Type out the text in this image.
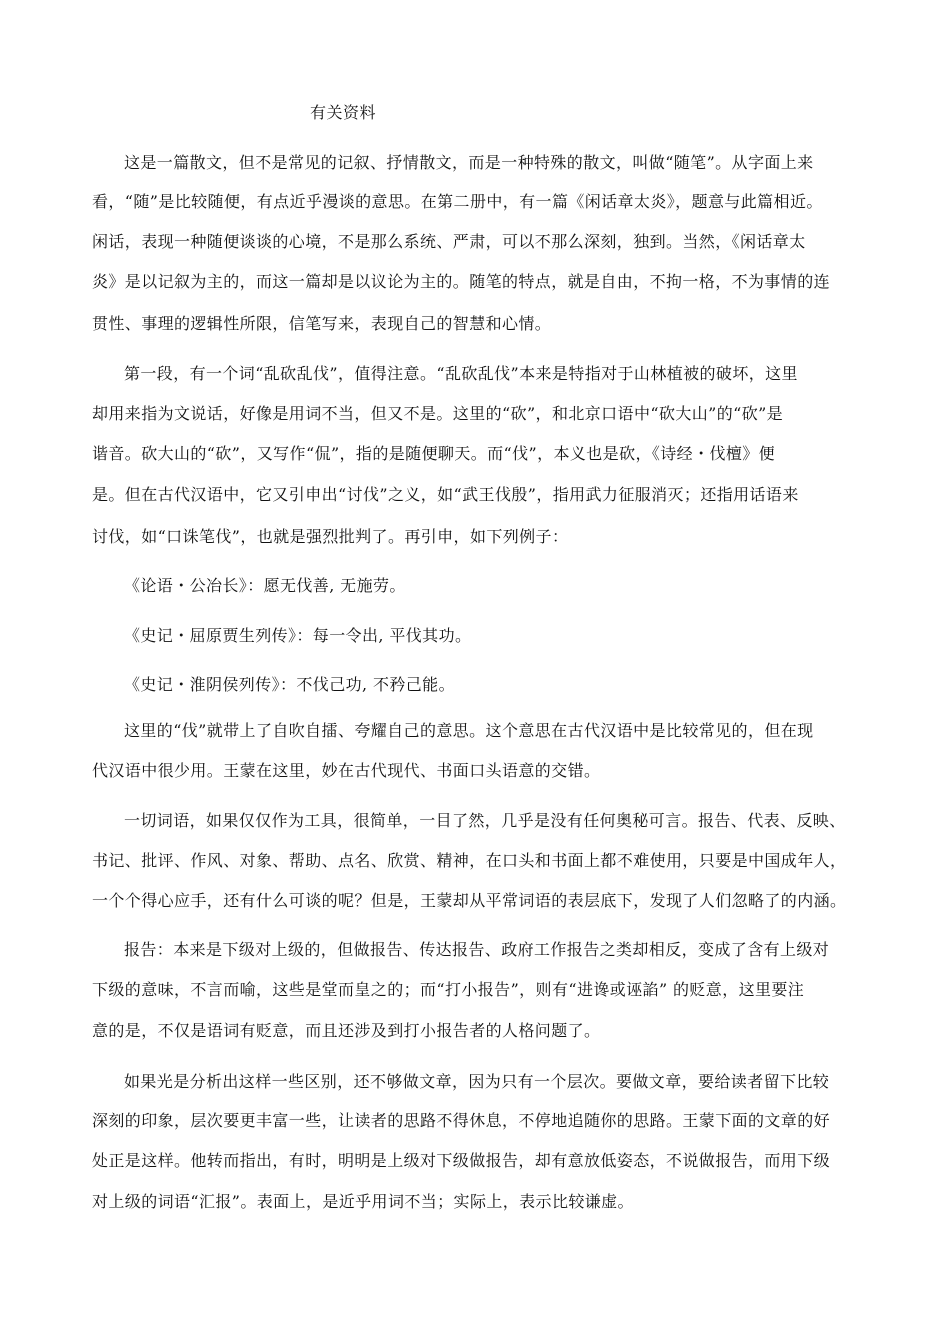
有关资料
这是一篇散文，但不是常见的记叙、抒情散文，而是一种特殊的散文，叫做“随笔”。从字面上来
看，“随”是比较随便，有点近乎漫谈的意思。在第二册中，有一篇《闲话章太炎》，题意与此篇相近。
闲话，表现一种随便谈谈的心境，不是那么系统、严肃，可以不那么深刻，独到。当然，《闲话章太
炎》是以记叙为主的，而这一篇却是以议论为主的。随笔的特点，就是自由，不拘一格，不为事情的连
贯性、事理的逻辑性所限，信笔写来，表现自己的智慧和心情。
第一段，有一个词“乱砍乱伐”，值得注意。“乱砍乱伐”本来是特指对于山林植被的破坏，这里
却用来指为文说话，好像是用词不当，但又不是。这里的“砍”，和北京口语中“砍大山”的“砍”是
谐音。砍大山的“砍”，又写作“侃”，指的是随便聊天。而“伐”，本义也是砍，《诗经・伐檀》便
是。但在古代汉语中，它又引申出“讨伐”之义，如“武王伐殷”，指用武力征服消灭；还指用话语来
讨伐，如“口诛笔伐”，也就是强烈批判了。再引申，如下列例子：
《论语・公冶长》：愿无伐善, 无施劳。
《史记・屈原贾生列传》：每一令出, 平伐其功。
《史记・淮阴侯列传》：不伐己功, 不矜己能。
这里的“伐”就带上了自吹自擂、夸耀自己的意思。这个意思在古代汉语中是比较常见的，但在现
代汉语中很少用。王蒙在这里，妙在古代现代、书面口头语意的交错。
一切词语，如果仅仅作为工具，很简单，一目了然，几乎是没有任何奥秘可言。报告、代表、反映、
书记、批评、作风、对象、帮助、点名、欣赏、精神，在口头和书面上都不难使用，只要是中国成年人，
一个个得心应手，还有什么可谈的呢？但是，王蒙却从平常词语的表层底下，发现了人们忽略了的内涵。
报告：本来是下级对上级的，但做报告、传达报告、政府工作报告之类却相反，变成了含有上级对
下级的意味，不言而喻，这些是堂而皇之的；而“打小报告”，则有“进谗或诬諂” 的贬意，这里要注
意的是，不仅是语词有贬意，而且还涉及到打小报告者的人格问题了。
如果光是分析出这样一些区别，还不够做文章，因为只有一个层次。要做文章，要给读者留下比较
深刻的印象，层次要更丰富一些，让读者的思路不得休息，不停地追随你的思路。王蒙下面的文章的好
处正是这样。他转而指出，有时，明明是上级对下级做报告，却有意放低姿态，不说做报告，而用下级
对上级的词语“汇报”。表面上，是近乎用词不当；实际上，表示比较谦虚。
